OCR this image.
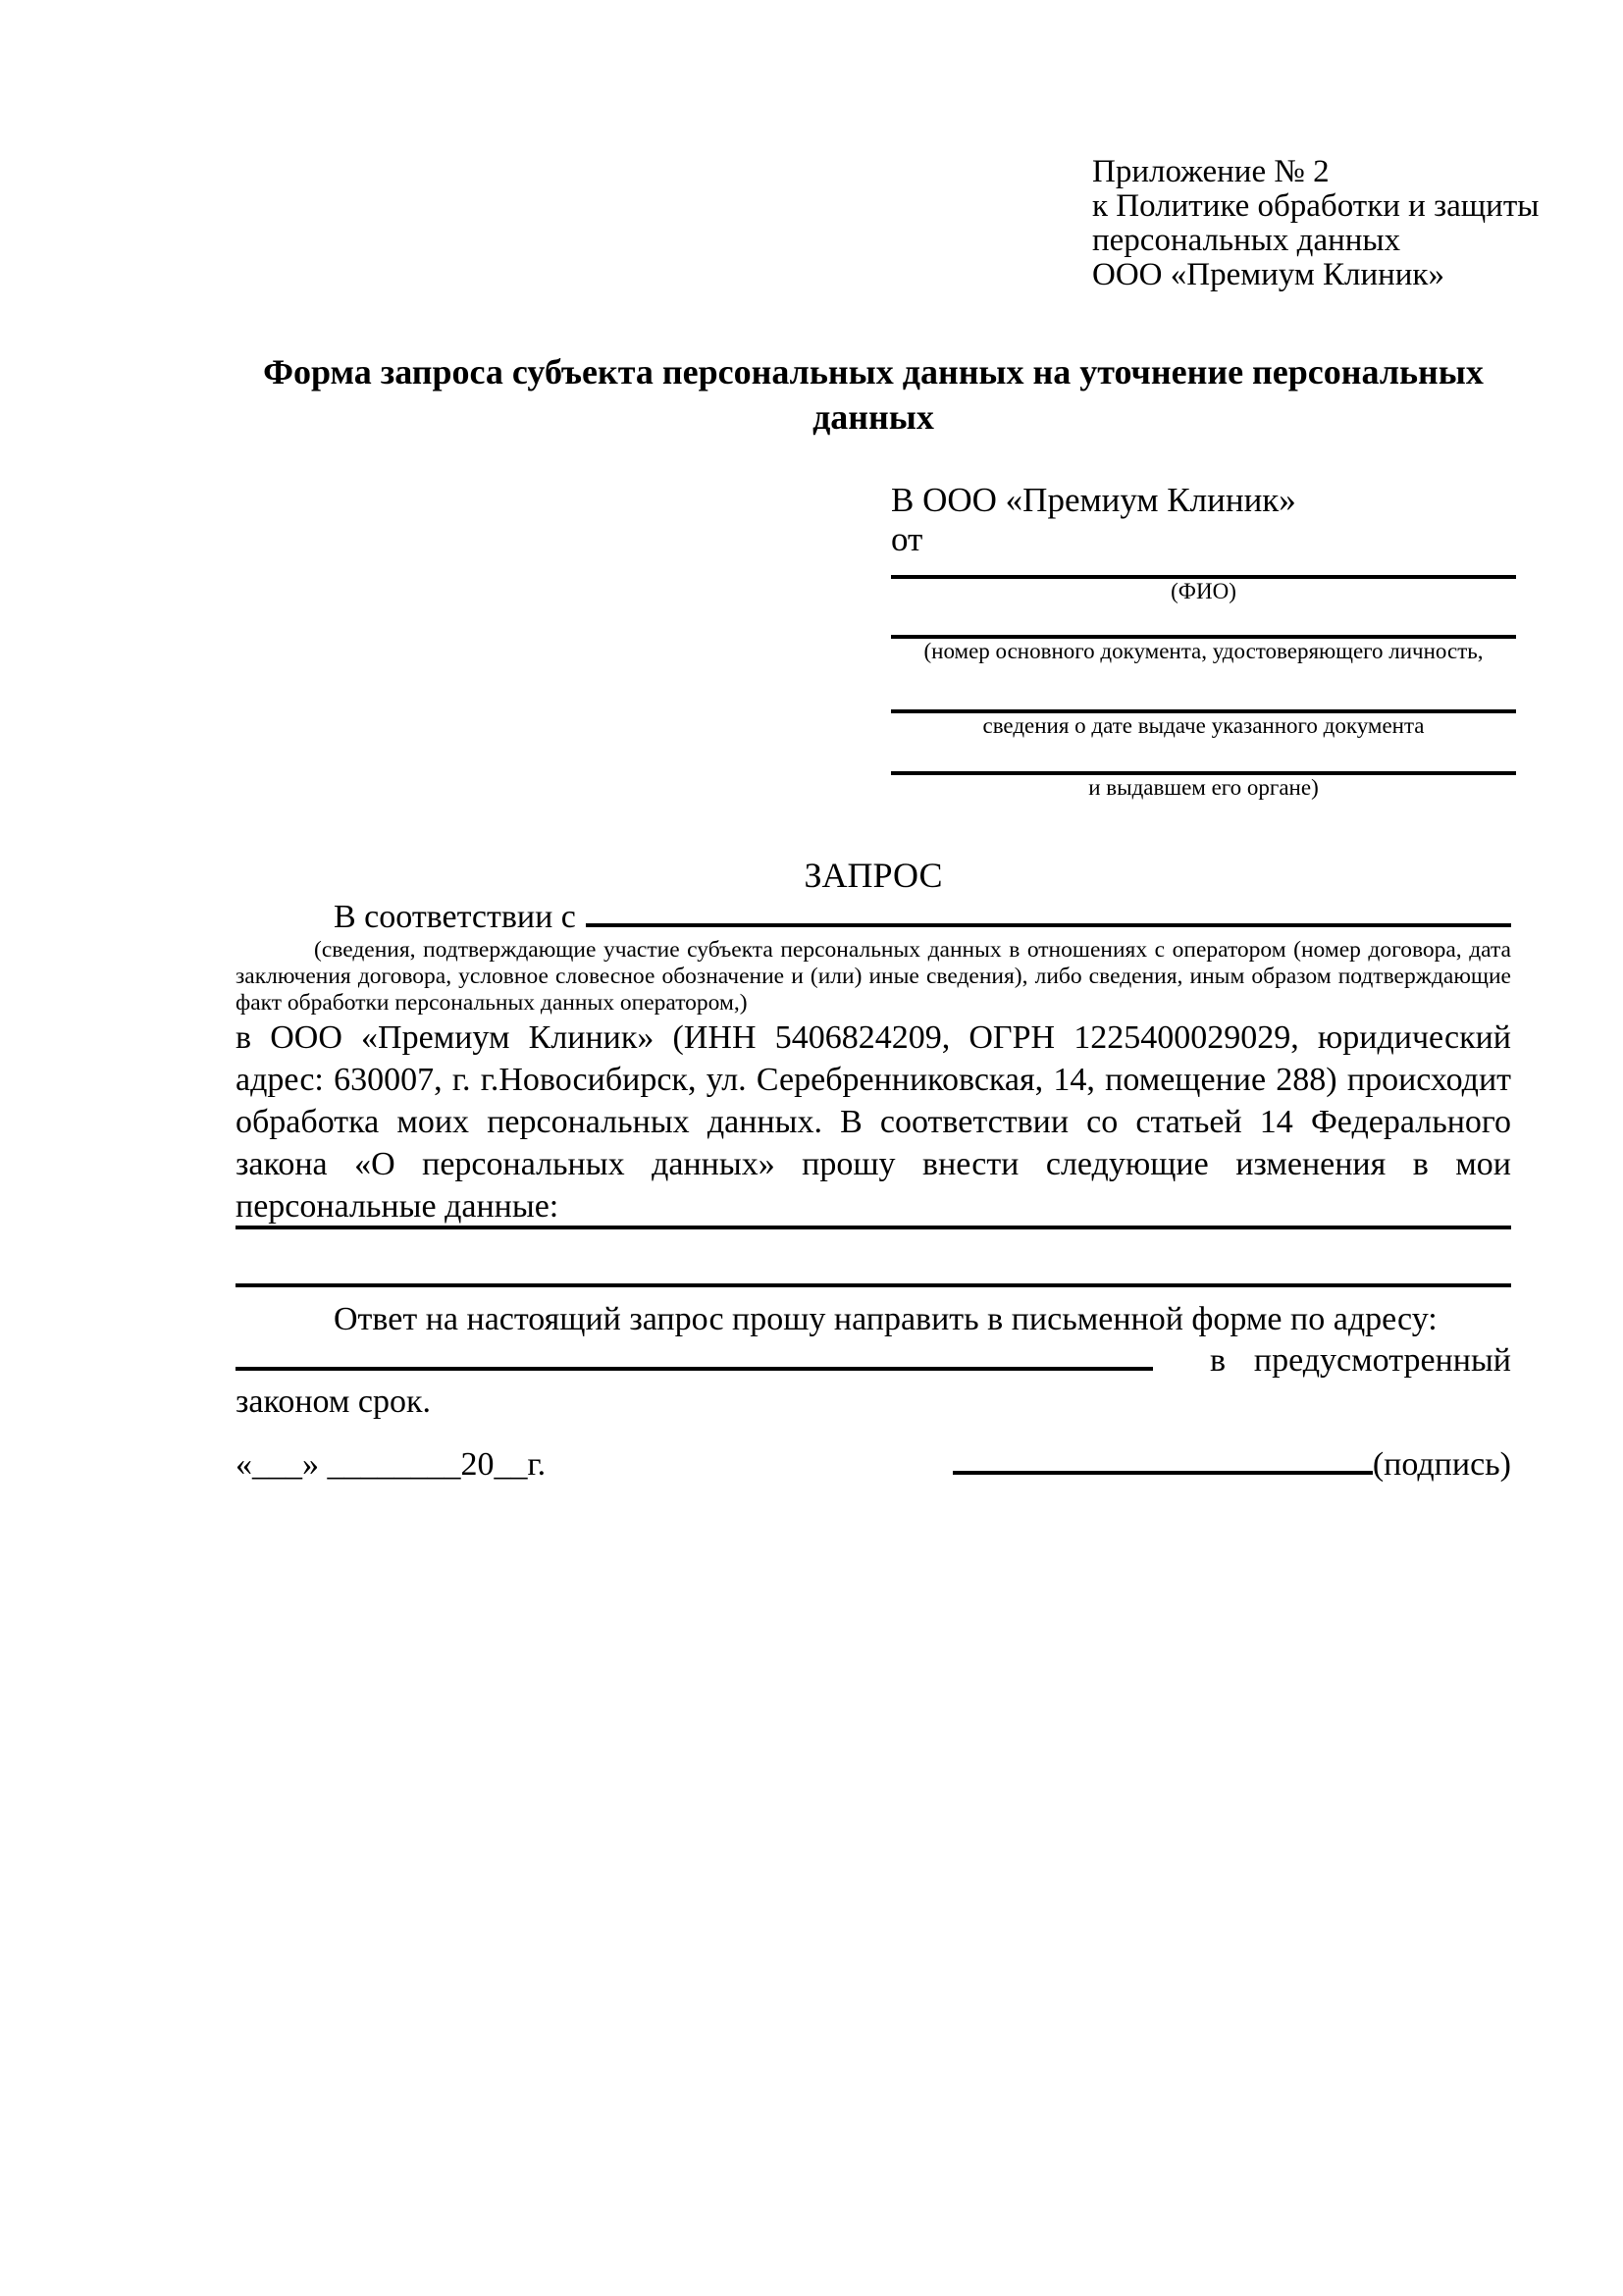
Приложение № 2
к Политике обработки и защиты
персональных данных
ООО «Премиум Клиник»
Форма запроса субъекта персональных данных на уточнение персональных данных
В ООО «Премиум Клиник»
от
(ФИО)
(номер основного документа, удостоверяющего личность,
сведения о дате выдаче указанного документа
и выдавшем его органе)
ЗАПРОС
В соответствии с

(сведения, подтверждающие участие субъекта персональных данных в отношениях с оператором (номер договора, дата заключения договора, условное словесное обозначение и (или) иные сведения), либо сведения, иным образом подтверждающие факт обработки персональных данных оператором,)

в ООО «Премиум Клиник» (ИНН 5406824209, ОГРН 1225400029029, юридический адрес: 630007, г. г.Новосибирск, ул. Серебренниковская, 14, помещение 288) происходит обработка моих персональных данных. В соответствии со статьей 14 Федерального закона «О персональных данных» прошу внести следующие изменения в мои персональные данные:

Ответ на настоящий запрос прошу направить в письменной форме по адресу:

в предусмотренный

законом срок.

«___» ________20__г.	(подпись)
